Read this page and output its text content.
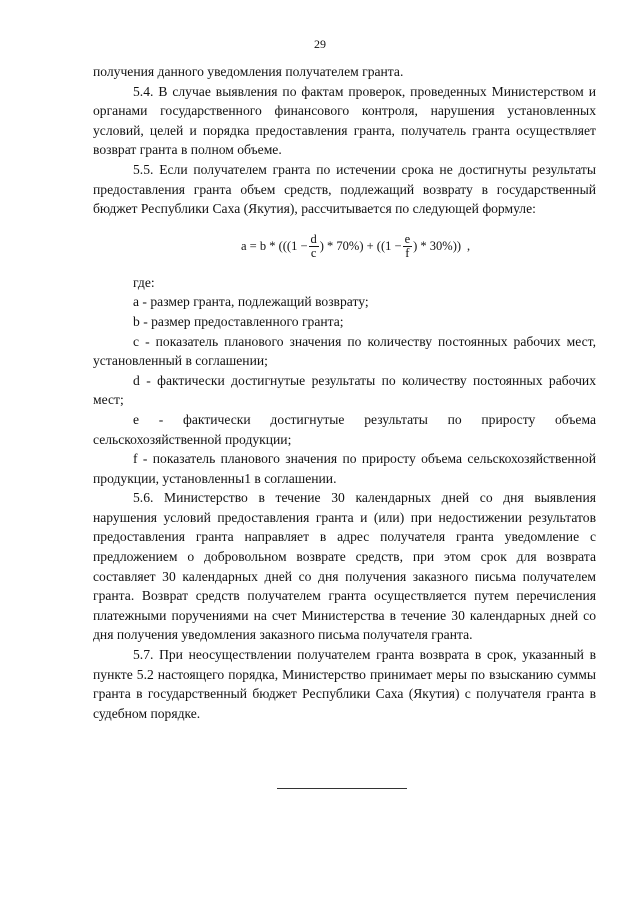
29

получения данного уведомления получателем гранта.

5.4. В случае выявления по фактам проверок, проведенных Министерством и органами государственного финансового контроля, нарушения установленных условий, целей и порядка предоставления гранта, получатель гранта осуществляет возврат гранта в полном объеме.

5.5. Если получателем гранта по истечении срока не достигнуты результаты предоставления гранта объем средств, подлежащий возврату в государственный бюджет Республики Саха (Якутия), рассчитывается по следующей формуле:

$a = b * (((1 - \frac{d}{c}$ ) * $70\%) + ((1 - \frac{e}{f}$ ) * 30%)) ,

где:

a - размер гранта, подлежащий возврату;

b - размер предоставленного гранта;

c - показатель планового значения по количеству постоянных рабочих мест, установленный в соглашении;

d - фактически достигнутые результаты по количеству постоянных рабочих мест;

e - фактически достигнутые результаты по приросту объема сельскохозяйственной продукции;

f - показатель планового значения по приросту объема сельскохозяйственной продукции, установленны1 в соглашении.

5.6. Министерство в течение 30 календарных дней со дня выявления нарушения условий предоставления гранта и (или) при недостижении результатов предоставления гранта направляет в адрес получателя гранта уведомление с предложением о добровольном возврате средств, при этом срок для возврата составляет 30 календарных дней со дня получения заказного письма получателем гранта. Возврат средств получателем гранта осуществляется путем перечисления платежными поручениями на счет Министерства в течение 30 календарных дней со дня получения уведомления заказного письма получателя гранта.

5.7. При неосуществлении получателем гранта возврата в срок, указанный в пункте 5.2 настоящего порядка, Министерство принимает меры по взысканию суммы гранта в государственный бюджет Республики Саха (Якутия) с получателя гранта в судебном порядке.
